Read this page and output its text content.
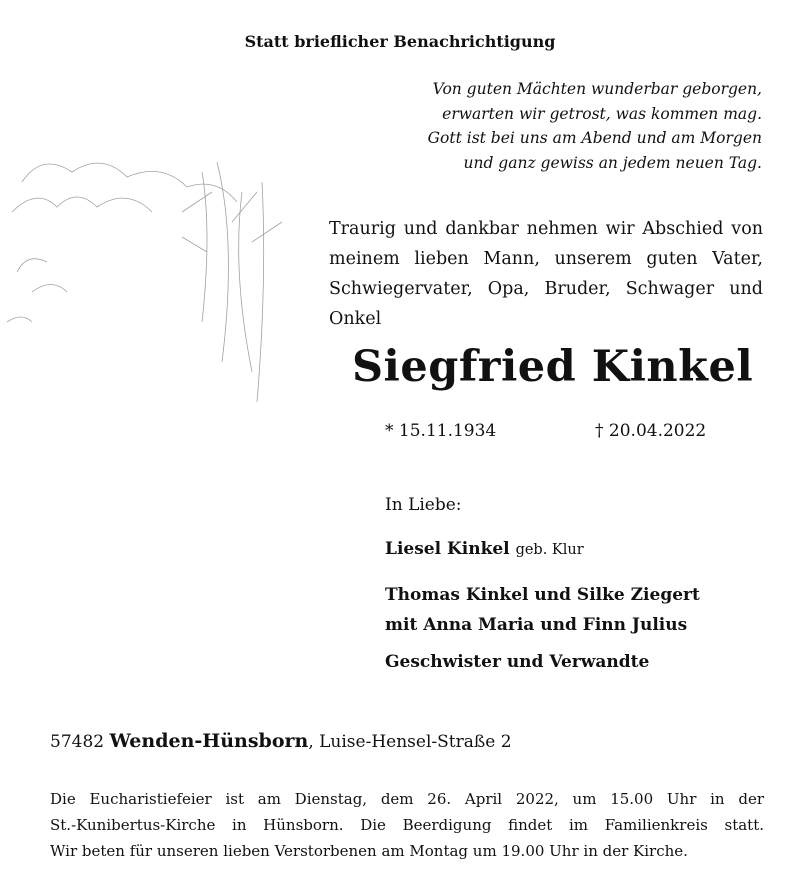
Statt brieflicher Benachrichtigung
Von guten Mächten wunderbar geborgen,
erwarten wir getrost, was kommen mag.
Gott ist bei uns am Abend und am Morgen
und ganz gewiss an jedem neuen Tag.
Traurig und dankbar nehmen wir Abschied von meinem lieben Mann, unserem guten Vater, Schwiegervater, Opa, Bruder, Schwager und Onkel
Siegfried Kinkel
* 15.11.1934	† 20.04.2022
In Liebe:
Liesel Kinkel geb. Klur
Thomas Kinkel und Silke Ziegert
mit Anna Maria und Finn Julius
Geschwister und Verwandte
57482 Wenden-Hünsborn, Luise-Hensel-Straße 2
Die Eucharistiefeier ist am Dienstag, dem 26. April 2022, um 15.00 Uhr in der
St.-Kunibertus-Kirche in Hünsborn. Die Beerdigung findet im Familienkreis statt.
Wir beten für unseren lieben Verstorbenen am Montag um 19.00 Uhr in der Kirche.
